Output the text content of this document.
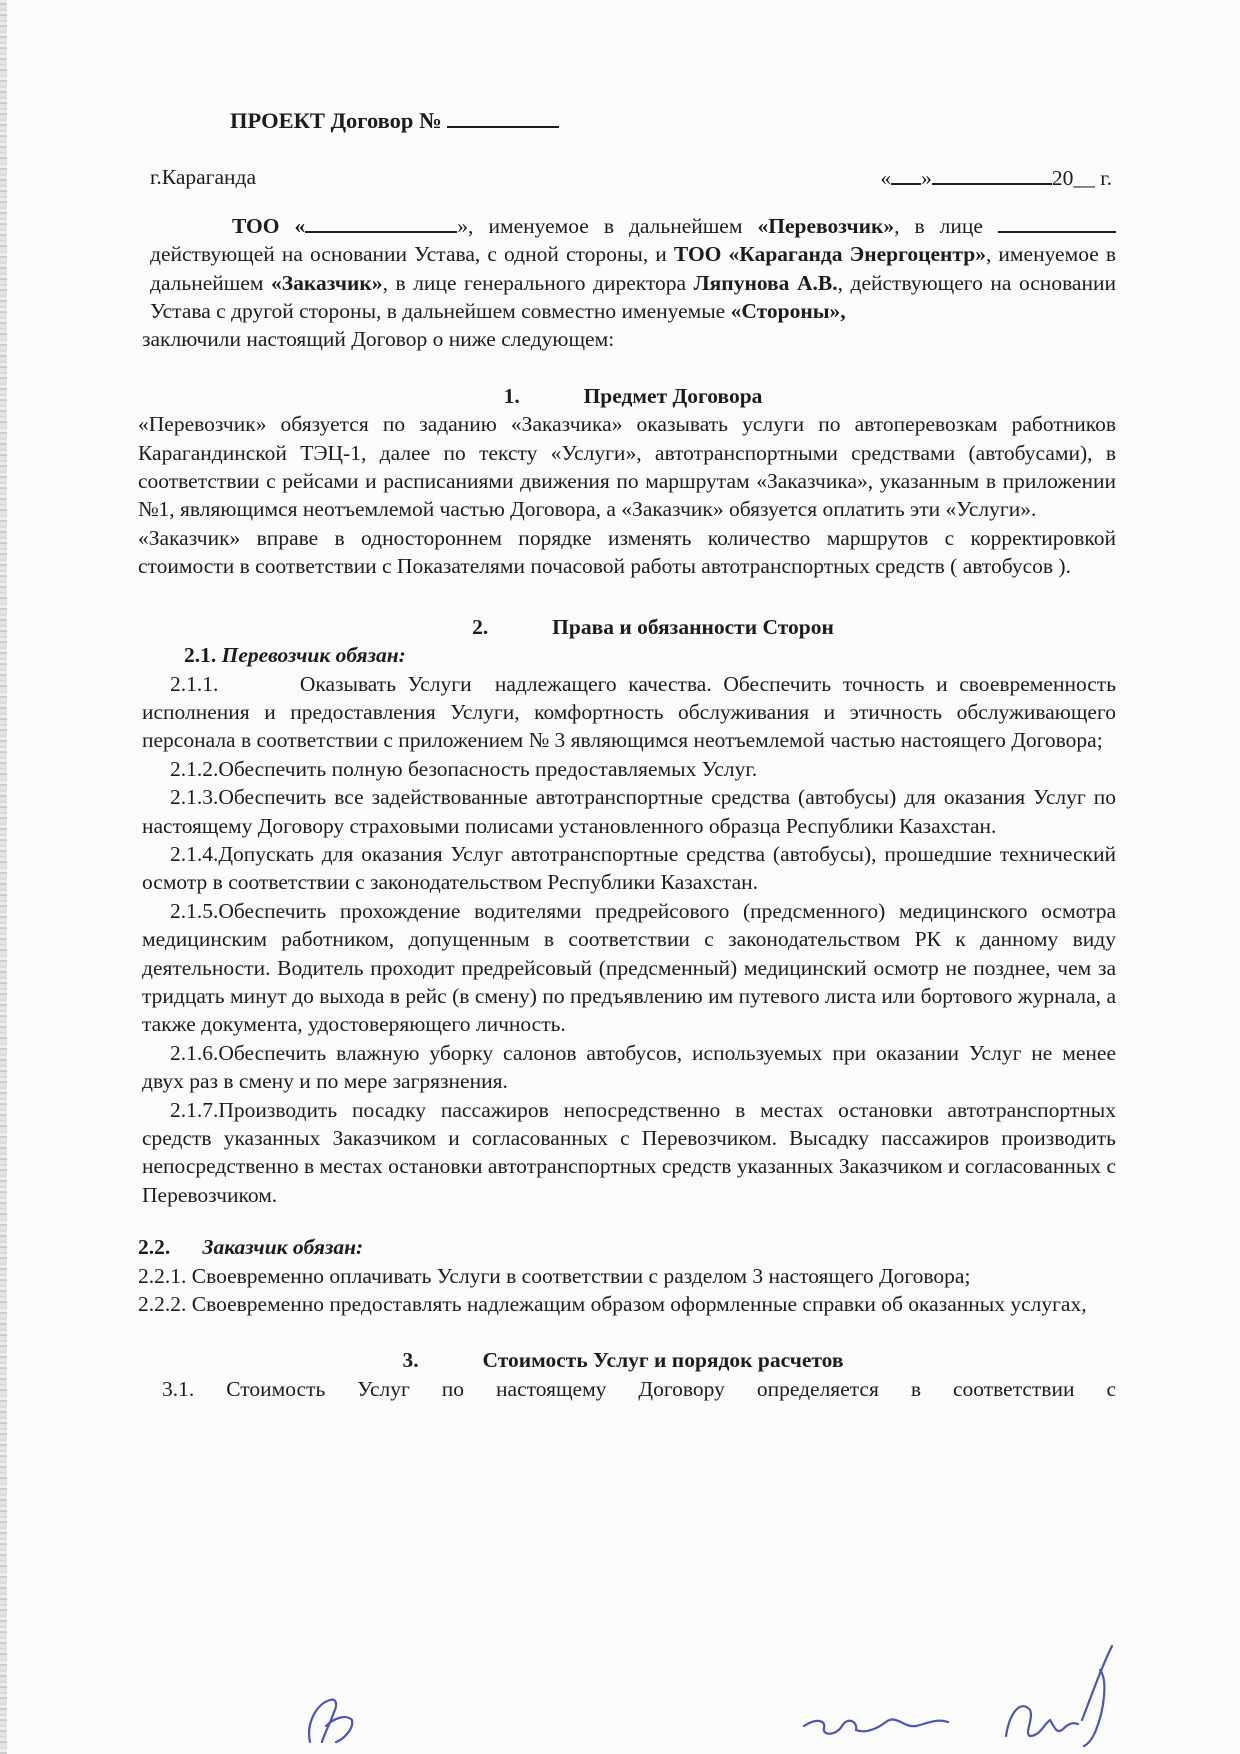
ПРОЕКТ Договор №

г.Караганда	« »	20__ г.

ТОО «	», именуемое в дальнейшем «Перевозчик», в лице  действующей на основании Устава, с одной стороны, и ТОО «Караганда Энергоцентр», именуемое в дальнейшем «Заказчик», в лице генерального директора Ляпунова А.В., действующего на основании Устава с другой стороны, в дальнейшем совместно именуемые «Стороны»,

заключили настоящий Договор о ниже следующем:

1.	Предмет Договора

«Перевозчик» обязуется по заданию «Заказчика» оказывать услуги по автоперевозкам работников Карагандинской ТЭЦ-1, далее по тексту «Услуги», автотранспортными средствами (автобусами), в соответствии с рейсами и расписаниями движения по маршрутам «Заказчика», указанным в приложении №1, являющимся неотъемлемой частью Договора, а «Заказчик» обязуется оплатить эти «Услуги».

«Заказчик» вправе в одностороннем порядке изменять количество маршрутов с корректировкой стоимости в соответствии с Показателями почасовой работы автотранспортных средств ( автобусов ).

2.	Права и обязанности Сторон

2.1. Перевозчик обязан:

2.1.1.       Оказывать Услуги  надлежащего качества. Обеспечить точность и своевременность исполнения и предоставления Услуги, комфортность обслуживания и этичность обслуживающего персонала в соответствии с приложением № 3 являющимся неотъемлемой частью настоящего Договора;

2.1.2.Обеспечить полную безопасность предоставляемых Услуг.

2.1.3.Обеспечить все задействованные автотранспортные средства (автобусы) для оказания Услуг по настоящему Договору страховыми полисами установленного образца Республики Казахстан.

2.1.4.Допускать для оказания Услуг автотранспортные средства (автобусы), прошедшие технический осмотр в соответствии с законодательством Республики Казахстан.

2.1.5.Обеспечить прохождение водителями предрейсового (предсменного) медицинского осмотра медицинским работником, допущенным в соответствии с законодательством РК к данному виду деятельности. Водитель проходит предрейсовый (предсменный) медицинский осмотр не позднее, чем за тридцать минут до выхода в рейс (в смену) по предъявлению им путевого листа или бортового журнала, а также документа, удостоверяющего личность.

2.1.6.Обеспечить влажную уборку салонов автобусов, используемых при оказании Услуг не менее двух раз в смену и по мере загрязнения.

2.1.7.Производить посадку пассажиров непосредственно в местах остановки автотранспортных средств указанных Заказчиком и согласованных с Перевозчиком. Высадку пассажиров производить непосредственно в местах остановки автотранспортных средств указанных Заказчиком и согласованных с Перевозчиком.

2.2. Заказчик обязан:

2.2.1. Своевременно оплачивать Услуги в соответствии с разделом 3 настоящего Договора;

2.2.2. Своевременно предоставлять надлежащим образом оформленные справки об оказанных услугах,

3.	Стоимость Услуг и порядок расчетов

3.1. Стоимость Услуг по настоящему Договору определяется в соответствии с
